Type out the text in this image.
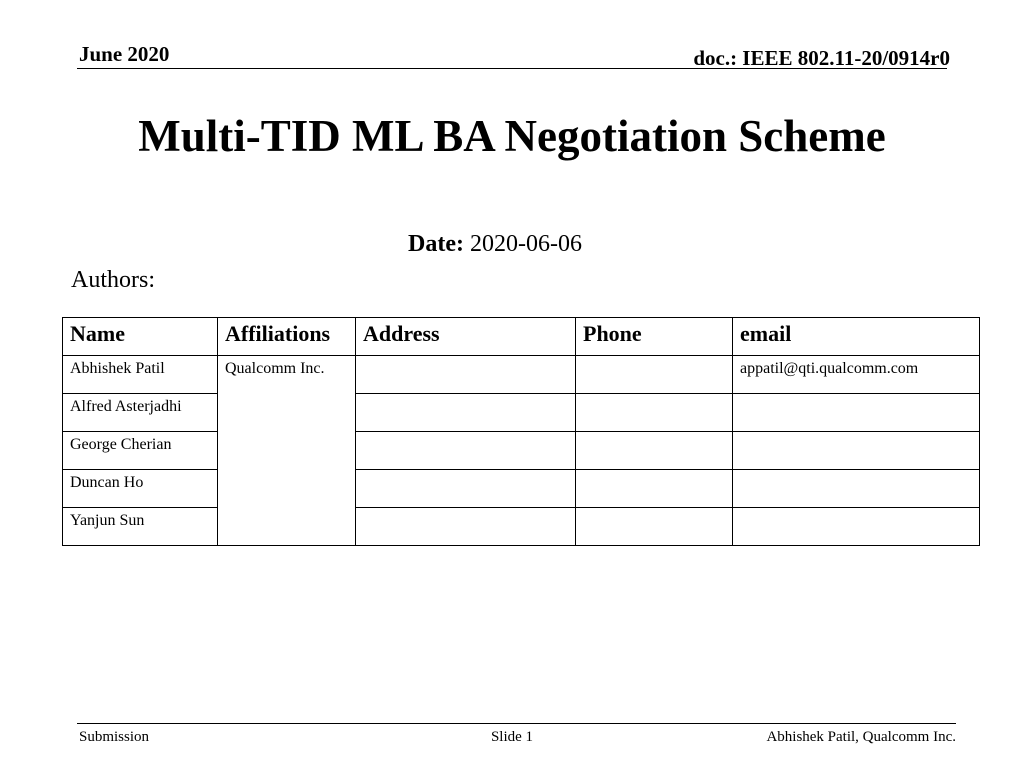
June 2020	doc.: IEEE 802.11-20/0914r0
Multi-TID ML BA Negotiation Scheme
Date: 2020-06-06
Authors:
Name	Affiliations	Address	Phone	email
Abhishek Patil	Qualcomm Inc.			appatil@qti.qualcomm.com
Alfred Asterjadhi				
George Cherian				
Duncan Ho				
Yanjun Sun				
Submission	Slide 1	Abhishek Patil, Qualcomm Inc.
